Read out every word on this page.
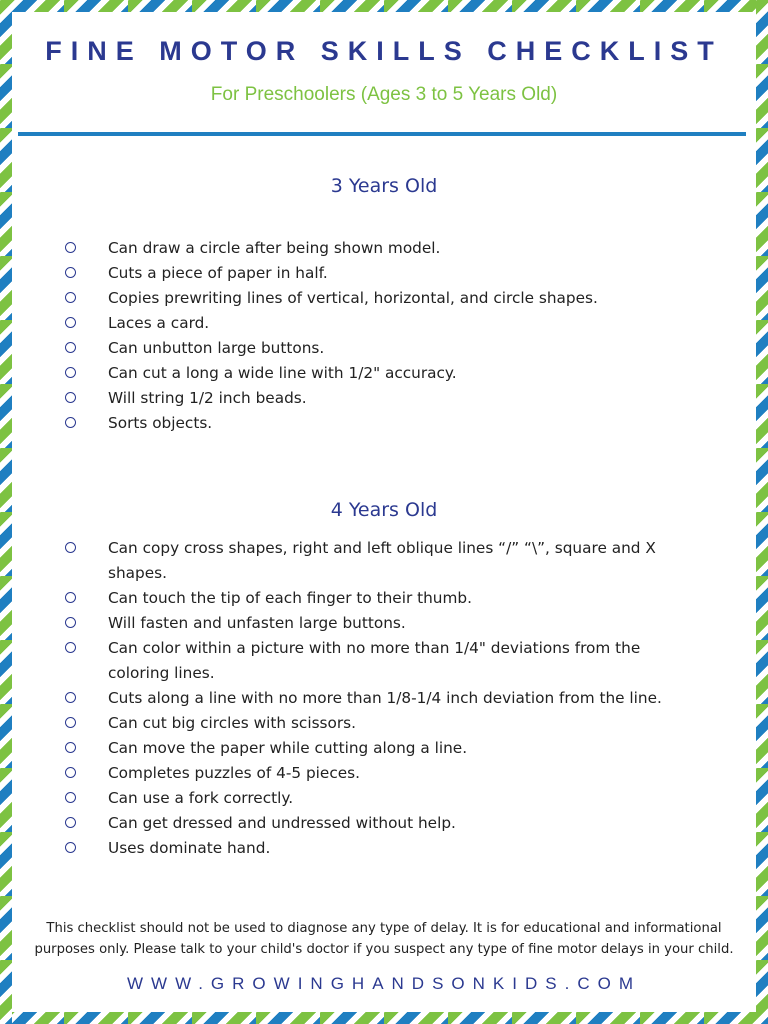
FINE MOTOR SKILLS CHECKLIST
For Preschoolers (Ages 3 to 5 Years Old)
3 Years Old
Can draw a circle after being shown model.
Cuts a piece of paper in half.
Copies prewriting lines of vertical, horizontal, and circle shapes.
Laces a card.
Can unbutton large buttons.
Can cut a long a wide line with 1/2" accuracy.
Will string 1/2 inch beads.
Sorts objects.
4 Years Old
Can copy cross shapes, right and left oblique lines “/” “\”, square and X shapes.
Can touch the tip of each finger to their thumb.
Will fasten and unfasten large buttons.
Can color within a picture with no more than 1/4" deviations from the coloring lines.
Cuts along a line with no more than 1/8-1/4 inch deviation from the line.
Can cut big circles with scissors.
Can move the paper while cutting along a line.
Completes puzzles of 4-5 pieces.
Can use a fork correctly.
Can get dressed and undressed without help.
Uses dominate hand.
This checklist should not be used to diagnose any type of delay. It is for educational and informational purposes only. Please talk to your child's doctor if you suspect any type of fine motor delays in your child.
WWW.GROWINGHANDSONKIDS.COM
